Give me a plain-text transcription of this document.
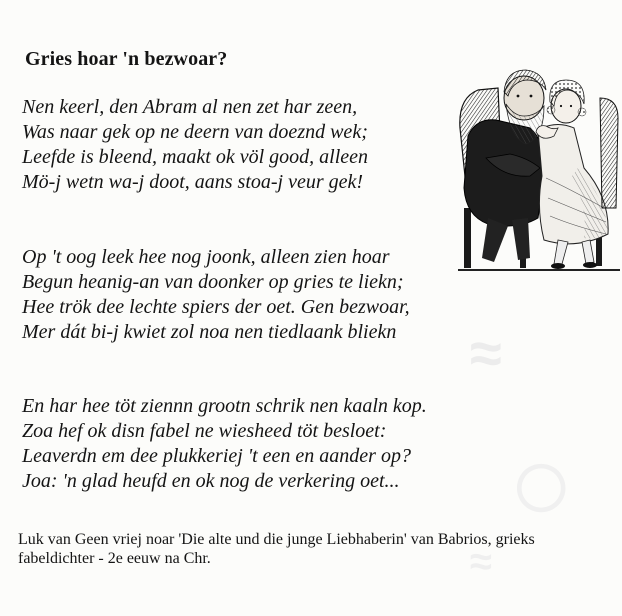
≈
○
≈
Gries hoar 'n bezwoar?
Nen keerl, den Abram al nen zet har zeen,
Was naar gek op ne deern van doeznd wek;
Leefde is bleend, maakt ok völ good, alleen
Mö-j wetn wa-j doot, aans stoa-j veur gek!
Op 't oog leek hee nog joonk, alleen zien hoar
Begun heanig-an van doonker op gries te liekn;
Hee trök dee lechte spiers der oet. Gen bezwoar,
Mer dát bi-j kwiet zol noa nen tiedlaank bliekn
En har hee töt ziennn grootn schrik nen kaaln kop.
Zoa hef ok disn fabel ne wiesheed töt besloet:
Leaverdn em dee plukkeriej 't een en aander op?
Joa: 'n glad heufd en ok nog de verkering oet...
Luk van Geen vriej noar 'Die alte und die junge Liebhaberin' van Babrios, grieks
fabeldichter - 2e eeuw na Chr.
